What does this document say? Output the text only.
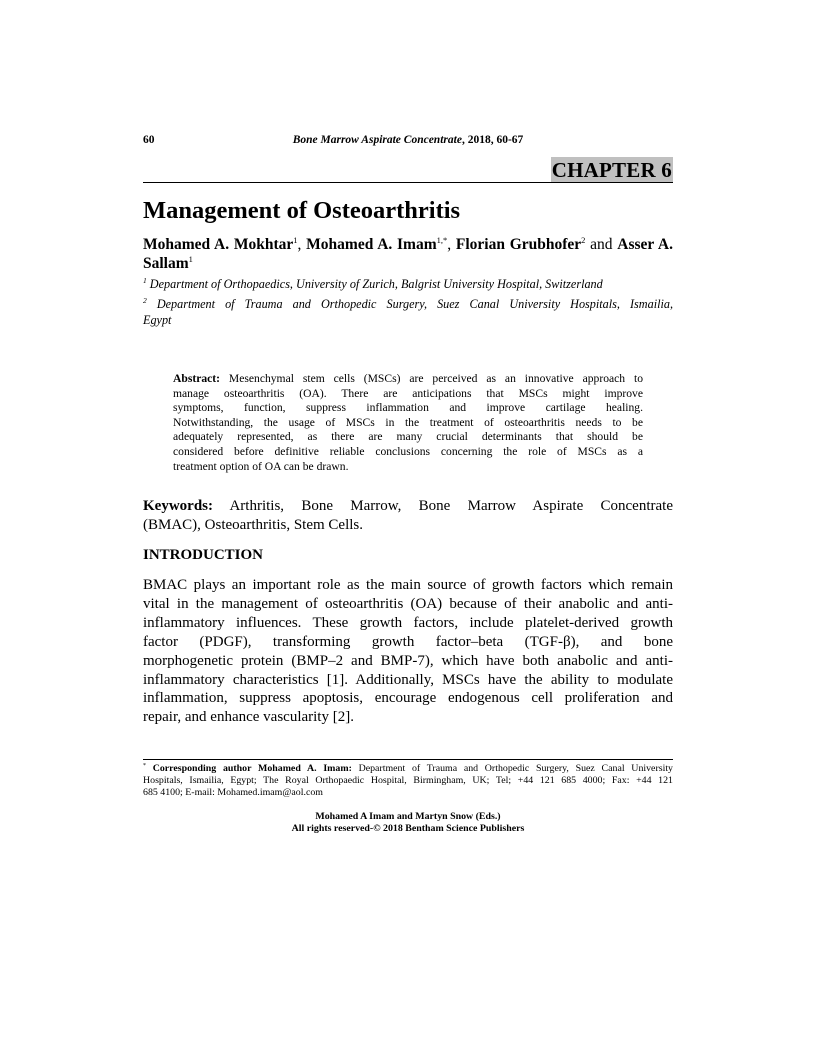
60	Bone Marrow Aspirate Concentrate, 2018, 60-67
CHAPTER 6
Management of Osteoarthritis
Mohamed A. Mokhtar$^1$, Mohamed A. Imam$^{1,*}$, Florian Grubhofer$^2$ and Asser A. Sallam$^1$
$^1$ Department of Orthopaedics, University of Zurich, Balgrist University Hospital, Switzerland
$^2$ Department of Trauma and Orthopedic Surgery, Suez Canal University Hospitals, Ismailia,
Egypt
Abstract: Mesenchymal stem cells (MSCs) are perceived as an innovative approach to
manage osteoarthritis (OA). There are anticipations that MSCs might improve
symptoms, function, suppress inflammation and improve cartilage healing.
Notwithstanding, the usage of MSCs in the treatment of osteoarthritis needs to be
adequately represented, as there are many crucial determinants that should be
considered before definitive reliable conclusions concerning the role of MSCs as a
treatment option of OA can be drawn.
Keywords: Arthritis, Bone Marrow, Bone Marrow Aspirate Concentrate
(BMAC), Osteoarthritis, Stem Cells.
INTRODUCTION
BMAC plays an important role as the main source of growth factors which remain
vital in the management of osteoarthritis (OA) because of their anabolic and anti-
inflammatory influences. These growth factors, include platelet-derived growth
factor (PDGF), transforming growth factor–beta (TGF-β), and bone
morphogenetic protein (BMP–2 and BMP-7), which have both anabolic and anti-
inflammatory characteristics [1]. Additionally, MSCs have the ability to modulate
inflammation, suppress apoptosis, encourage endogenous cell proliferation and
repair, and enhance vascularity [2].
* Corresponding author Mohamed A. Imam: Department of Trauma and Orthopedic Surgery, Suez Canal University
Hospitals, Ismailia, Egypt; The Royal Orthopaedic Hospital, Birmingham, UK; Tel; +44 121 685 4000; Fax: +44 121
685 4100; E-mail: Mohamed.imam@aol.com
Mohamed A Imam and Martyn Snow (Eds.)
All rights reserved-© 2018 Bentham Science Publishers
